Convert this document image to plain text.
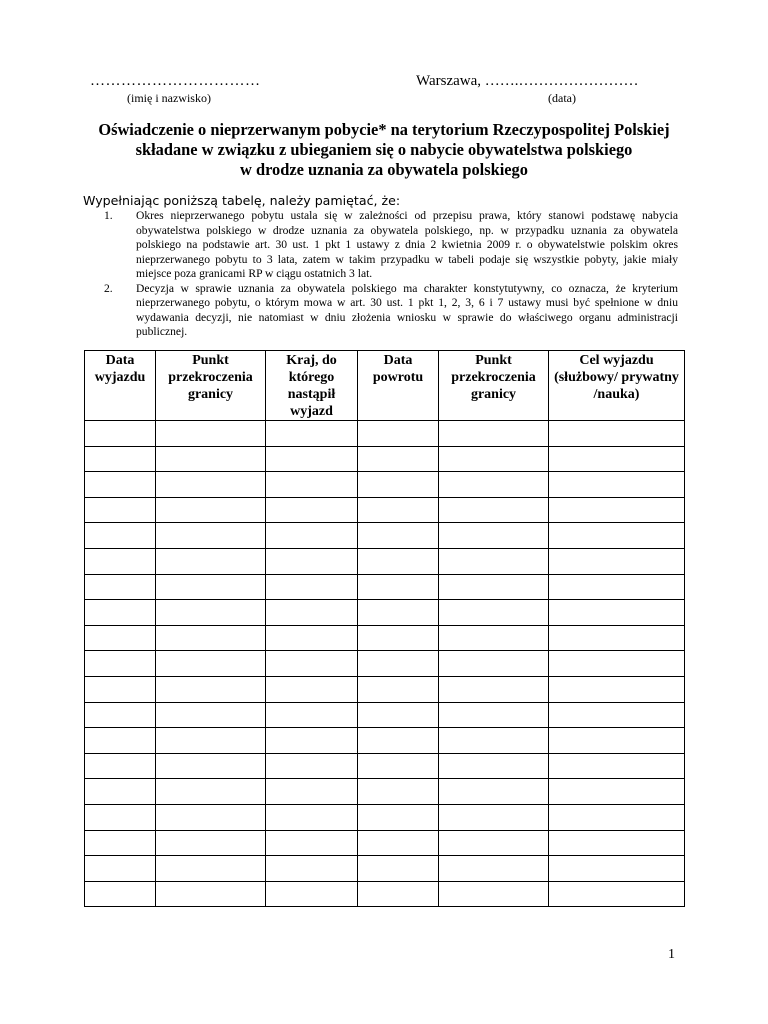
……………………………
(imię i nazwisko)
Warszawa, …….……………………
(data)
Oświadczenie o nieprzerwanym pobycie* na terytorium Rzeczypospolitej Polskiej
składane w związku z ubieganiem się o nabycie obywatelstwa polskiego
w drodze uznania za obywatela polskiego
Wypełniając poniższą tabelę, należy pamiętać, że:
1.	Okres nieprzerwanego pobytu ustala się w zależności od przepisu prawa, który stanowi podstawę nabycia obywatelstwa polskiego w drodze uznania za obywatela polskiego, np. w przypadku uznania za obywatela polskiego na podstawie art. 30 ust. 1 pkt 1 ustawy z dnia 2 kwietnia 2009 r. o obywatelstwie polskim okres nieprzerwanego pobytu to 3 lata, zatem w takim przypadku w tabeli podaje się wszystkie pobyty, jakie miały miejsce poza granicami RP w ciągu ostatnich 3 lat.
2.	Decyzja w sprawie uznania za obywatela polskiego ma charakter konstytutywny, co oznacza, że kryterium nieprzerwanego pobytu, o którym mowa w art. 30 ust. 1 pkt 1, 2, 3, 6 i 7 ustawy musi być spełnione w dniu wydawania decyzji, nie natomiast w dniu złożenia wniosku w sprawie do właściwego organu administracji publicznej.
Data wyjazdu	Punkt przekroczenia granicy	Kraj, do którego nastąpił wyjazd	Data powrotu	Punkt przekroczenia granicy	Cel wyjazdu (służbowy/ prywatny /nauka)

1
